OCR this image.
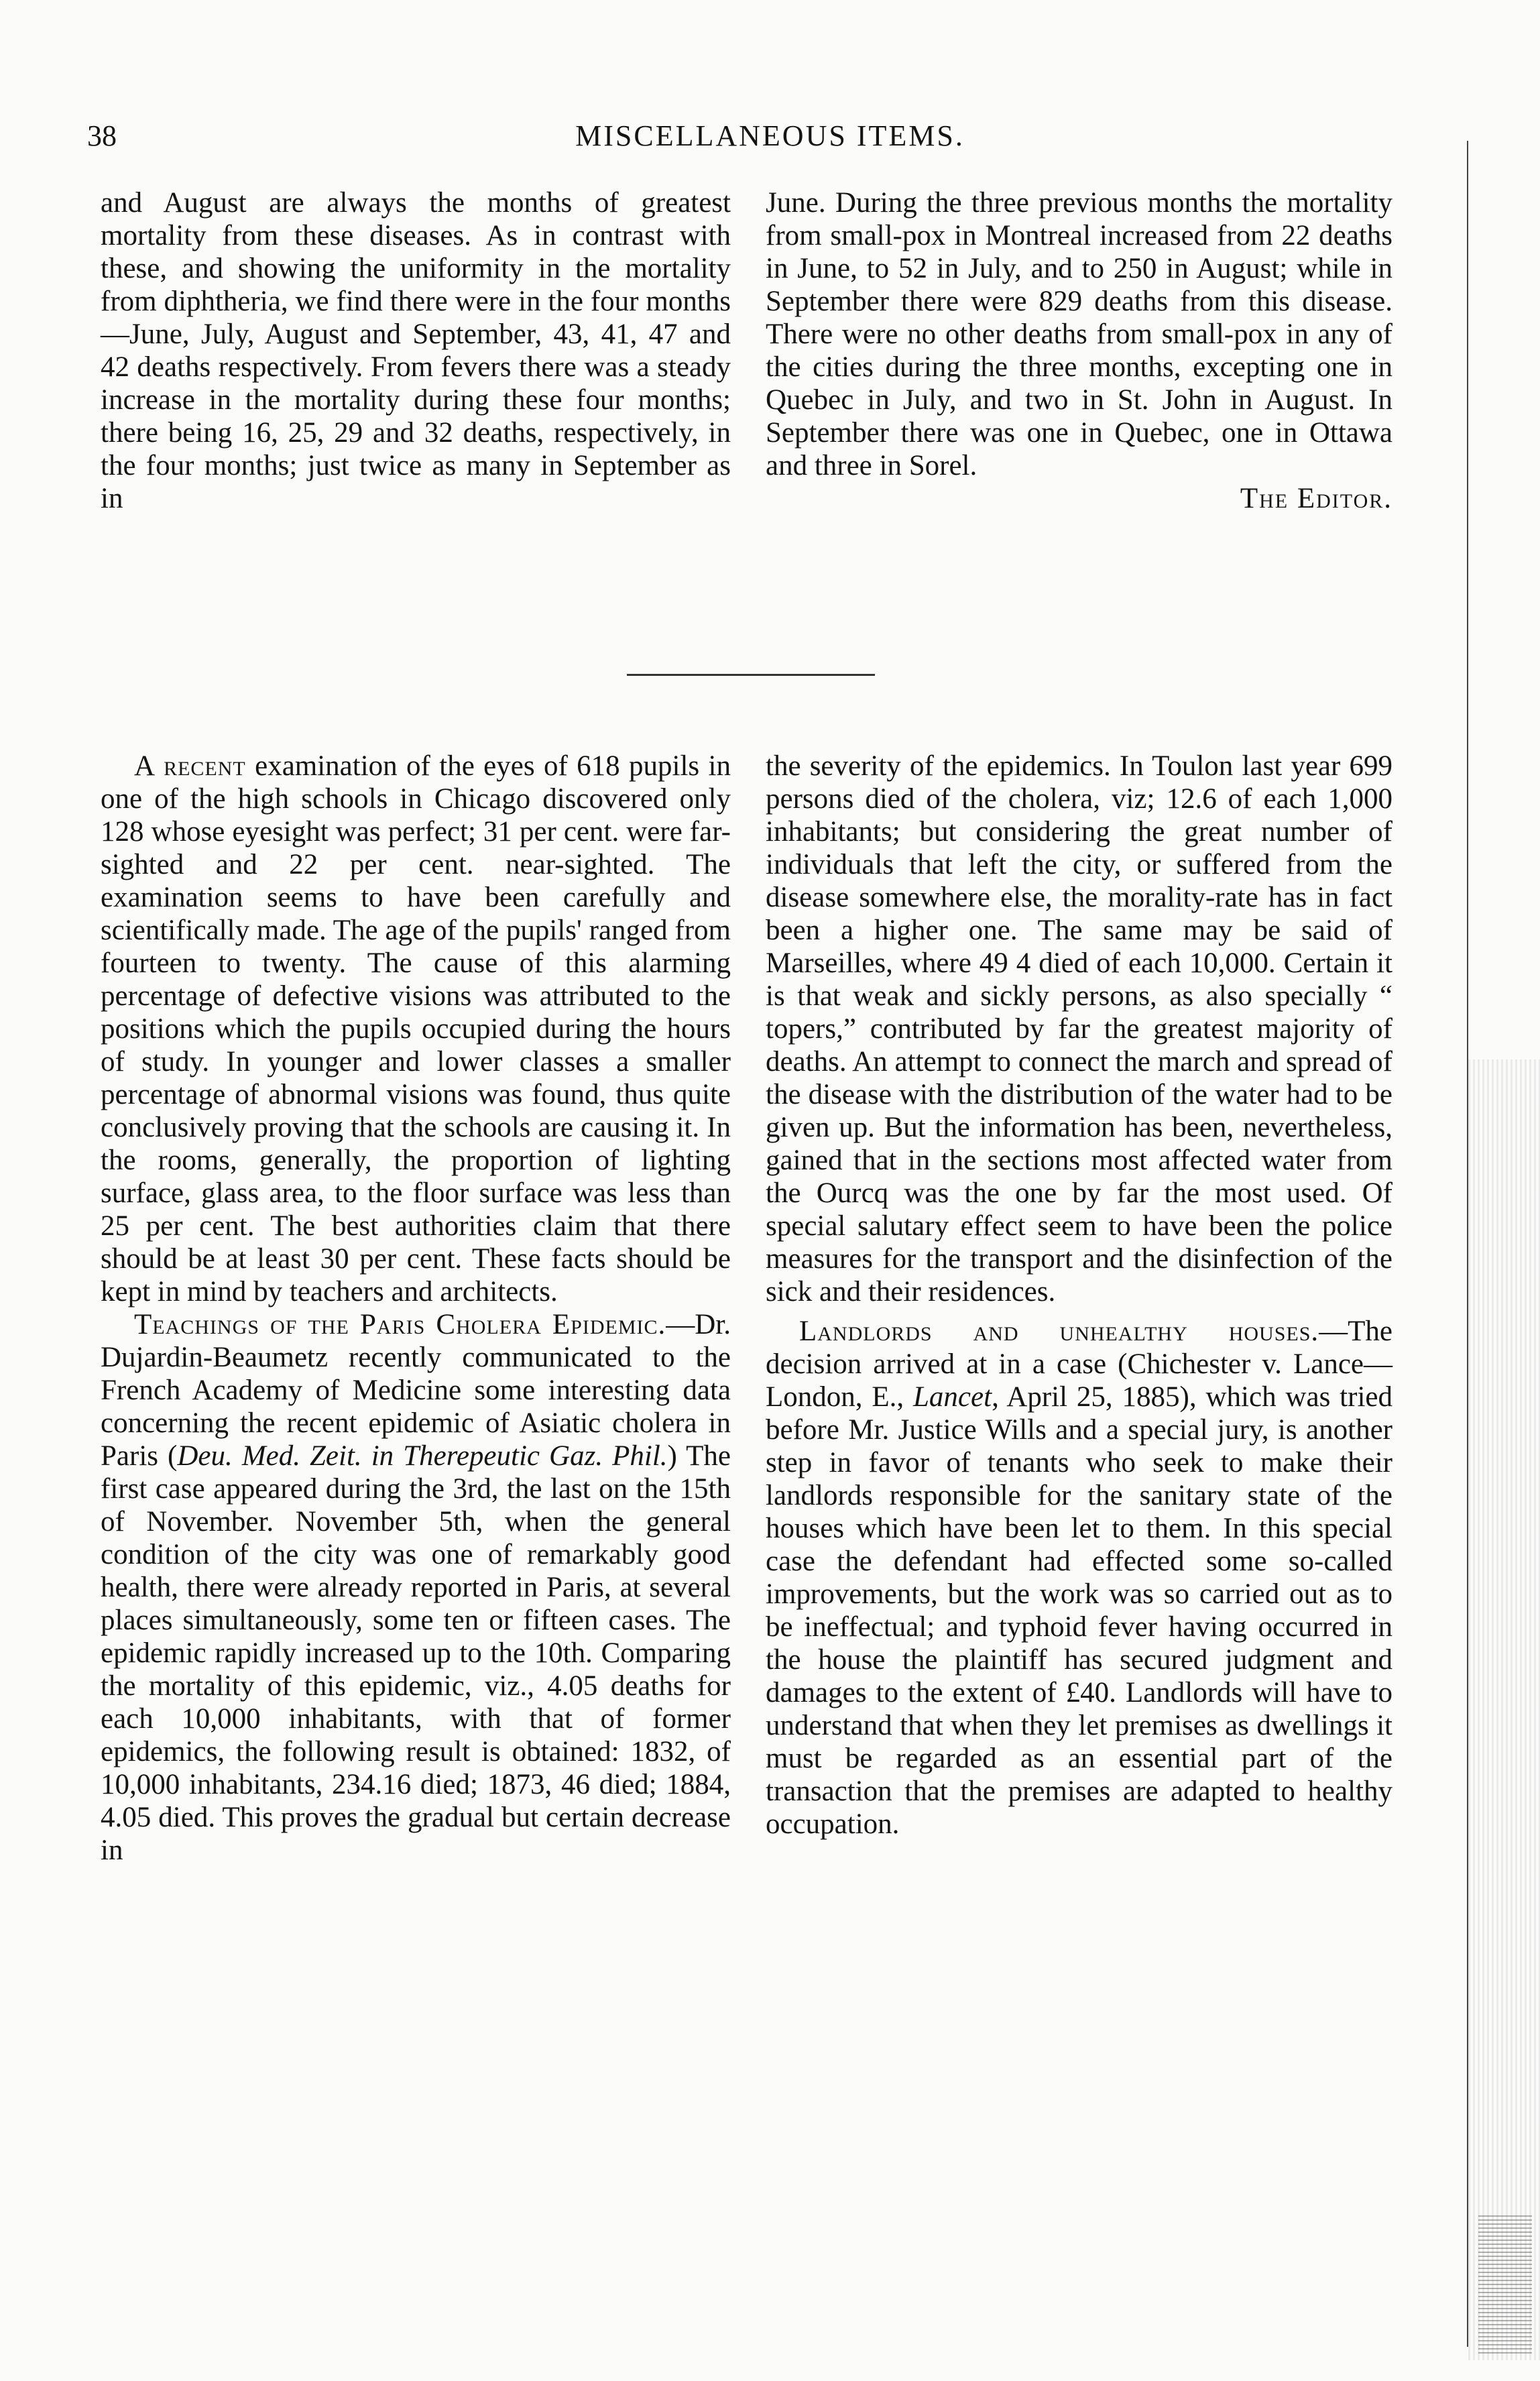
38	MISCELLANEOUS ITEMS.

and August are always the months of greatest mortality from these diseases. As in contrast with these, and showing the uniformity in the mortality from diphtheria, we find there were in the four months—June, July, August and September, 43, 41, 47 and 42 deaths respectively. From fevers there was a steady increase in the mortality during these four months; there being 16, 25, 29 and 32 deaths, respectively, in the four months; just twice as many in September as in

June. During the three previous months the mortality from small-pox in Montreal increased from 22 deaths in June, to 52 in July, and to 250 in August; while in September there were 829 deaths from this disease. There were no other deaths from small-pox in any of the cities during the three months, excepting one in Quebec in July, and two in St. John in August. In September there was one in Quebec, one in Ottawa and three in Sorel.

The Editor.

A recent examination of the eyes of 618 pupils in one of the high schools in Chicago discovered only 128 whose eyesight was perfect; 31 per cent. were far-sighted and 22 per cent. near-sighted. The examination seems to have been carefully and scientifically made. The age of the pupils' ranged from fourteen to twenty. The cause of this alarming percentage of defective visions was attributed to the positions which the pupils occupied during the hours of study. In younger and lower classes a smaller percentage of abnormal visions was found, thus quite conclusively proving that the schools are causing it. In the rooms, generally, the proportion of lighting surface, glass area, to the floor surface was less than 25 per cent. The best authorities claim that there should be at least 30 per cent. These facts should be kept in mind by teachers and architects.

Teachings of the Paris Cholera Epidemic.—Dr. Dujardin-Beaumetz recently communicated to the French Academy of Medicine some interesting data concerning the recent epidemic of Asiatic cholera in Paris (Deu. Med. Zeit. in Therepeutic Gaz. Phil.) The first case appeared during the 3rd, the last on the 15th of November. November 5th, when the general condition of the city was one of remarkably good health, there were already reported in Paris, at several places simultaneously, some ten or fifteen cases. The epidemic rapidly increased up to the 10th. Comparing the mortality of this epidemic, viz., 4.05 deaths for each 10,000 inhabitants, with that of former epidemics, the following result is obtained: 1832, of 10,000 inhabitants, 234.16 died; 1873, 46 died; 1884, 4.05 died. This proves the gradual but certain decrease in

the severity of the epidemics. In Toulon last year 699 persons died of the cholera, viz; 12.6 of each 1,000 inhabitants; but considering the great number of individuals that left the city, or suffered from the disease somewhere else, the morality-rate has in fact been a higher one. The same may be said of Marseilles, where 49 4 died of each 10,000. Certain it is that weak and sickly persons, as also specially “ topers,” contributed by far the greatest majority of deaths. An attempt to connect the march and spread of the disease with the distribution of the water had to be given up. But the information has been, nevertheless, gained that in the sections most affected water from the Ourcq was the one by far the most used. Of special salutary effect seem to have been the police measures for the transport and the disinfection of the sick and their residences.

Landlords and unhealthy houses.—The decision arrived at in a case (Chichester v. Lance—London, E., Lancet, April 25, 1885), which was tried before Mr. Justice Wills and a special jury, is another step in favor of tenants who seek to make their landlords responsible for the sanitary state of the houses which have been let to them. In this special case the defendant had effected some so-called improvements, but the work was so carried out as to be ineffectual; and typhoid fever having occurred in the house the plaintiff has secured judgment and damages to the extent of £40. Landlords will have to understand that when they let premises as dwellings it must be regarded as an essential part of the transaction that the premises are adapted to healthy occupation.
